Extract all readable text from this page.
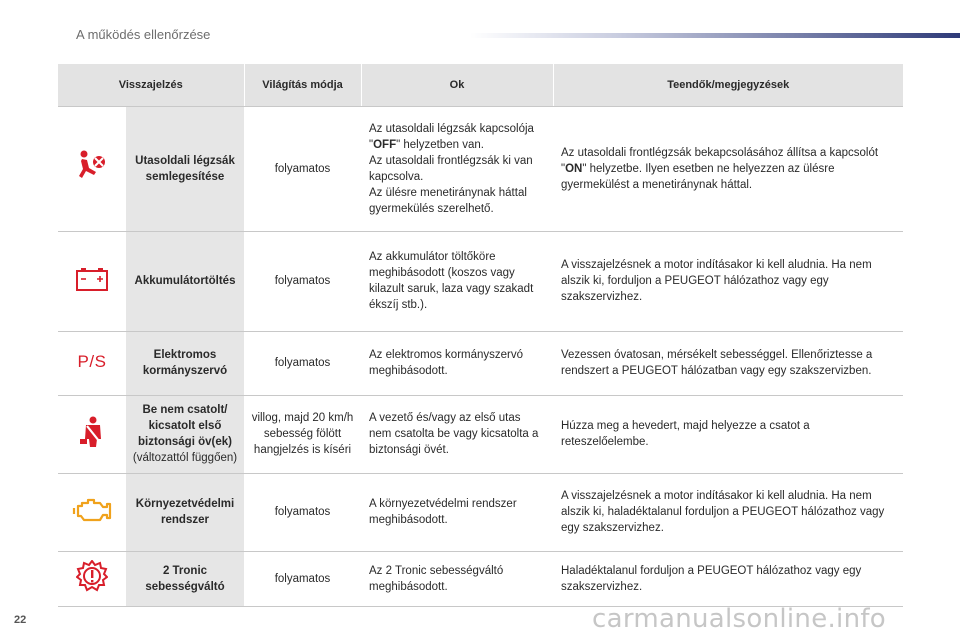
A működés ellenőrzése
Visszajelzés		Világítás módja	Ok	Teendők/megjegyzések
	Utasoldali légzsák semlegesítése	folyamatos	Az utasoldali légzsák kapcsolója
"OFF" helyzetben van.
Az utasoldali frontlégzsák ki van kapcsolva.
Az ülésre menetiránynak háttal gyermekülés szerelhető.	Az utasoldali frontlégzsák bekapcsolásához állítsa a kapcsolót "ON" helyzetbe. Ilyen esetben ne helyezzen az ülésre gyermekülést a menetiránynak háttal.
	Akkumulátortöltés	folyamatos	Az akkumulátor töltőköre meghibásodott (koszos vagy kilazult saruk, laza vagy szakadt ékszíj stb.).	A visszajelzésnek a motor indításakor ki kell aludnia. Ha nem alszik ki, forduljon a PEUGEOT hálózathoz vagy egy szakszervizhez.
P/S	Elektromos kormányszervó	folyamatos	Az elektromos kormányszervó meghibásodott.	Vezessen óvatosan, mérsékelt sebességgel. Ellenőriztesse a rendszert a PEUGEOT hálózatban vagy egy szakszervizben.
	Be nem csatolt/ kicsatolt első biztonsági öv(ek)
(változattól függően)	villog, majd 20 km/h sebesség fölött hangjelzés is kíséri	A vezető és/vagy az első utas nem csatolta be vagy kicsatolta a biztonsági övét.	Húzza meg a hevedert, majd helyezze a csatot a reteszelőelembe.
	Környezetvédelmi rendszer	folyamatos	A környezetvédelmi rendszer meghibásodott.	A visszajelzésnek a motor indításakor ki kell aludnia. Ha nem alszik ki, haladéktalanul forduljon a PEUGEOT hálózathoz vagy egy szakszervizhez.
	2 Tronic sebességváltó	folyamatos	Az 2 Tronic sebességváltó meghibásodott.	Haladéktalanul forduljon a PEUGEOT hálózathoz vagy egy szakszervizhez.
22	carmanualsonline.info
